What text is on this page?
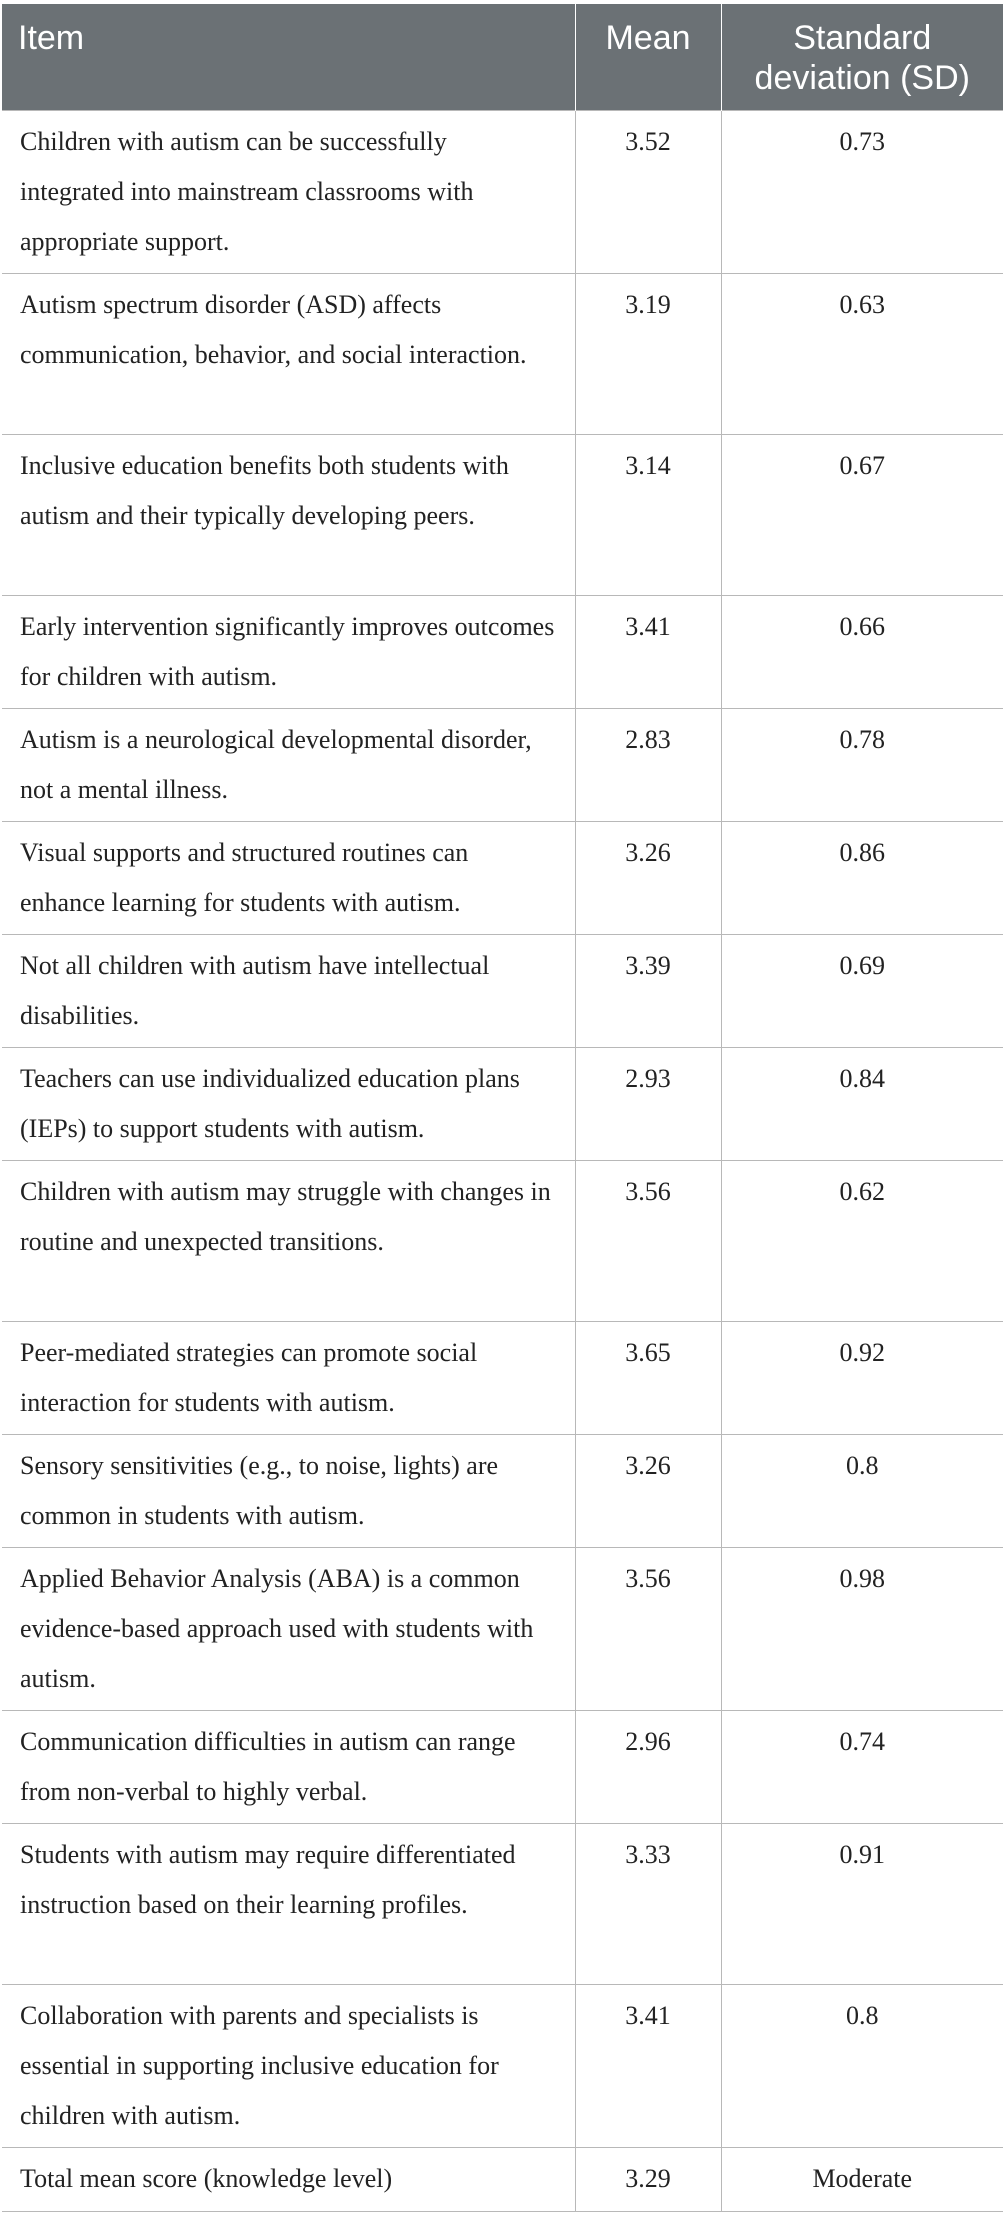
Item	Mean	Standard deviation (SD)
Children with autism can be successfully integrated into mainstream classrooms with appropriate support.	3.52	0.73
Autism spectrum disorder (ASD) affects communication, behavior, and social interaction.	3.19	0.63
Inclusive education benefits both students with autism and their typically developing peers.	3.14	0.67
Early intervention significantly improves outcomes for children with autism.	3.41	0.66
Autism is a neurological developmental disorder, not a mental illness.	2.83	0.78
Visual supports and structured routines can enhance learning for students with autism.	3.26	0.86
Not all children with autism have intellectual disabilities.	3.39	0.69
Teachers can use individualized education plans (IEPs) to support students with autism.	2.93	0.84
Children with autism may struggle with changes in routine and unexpected transitions.	3.56	0.62
Peer-mediated strategies can promote social interaction for students with autism.	3.65	0.92
Sensory sensitivities (e.g., to noise, lights) are common in students with autism.	3.26	0.8
Applied Behavior Analysis (ABA) is a common evidence-based approach used with students with autism.	3.56	0.98
Communication difficulties in autism can range from non-verbal to highly verbal.	2.96	0.74
Students with autism may require differentiated instruction based on their learning profiles.	3.33	0.91
Collaboration with parents and specialists is essential in supporting inclusive education for children with autism.	3.41	0.8
Total mean score (knowledge level)	3.29	Moderate
